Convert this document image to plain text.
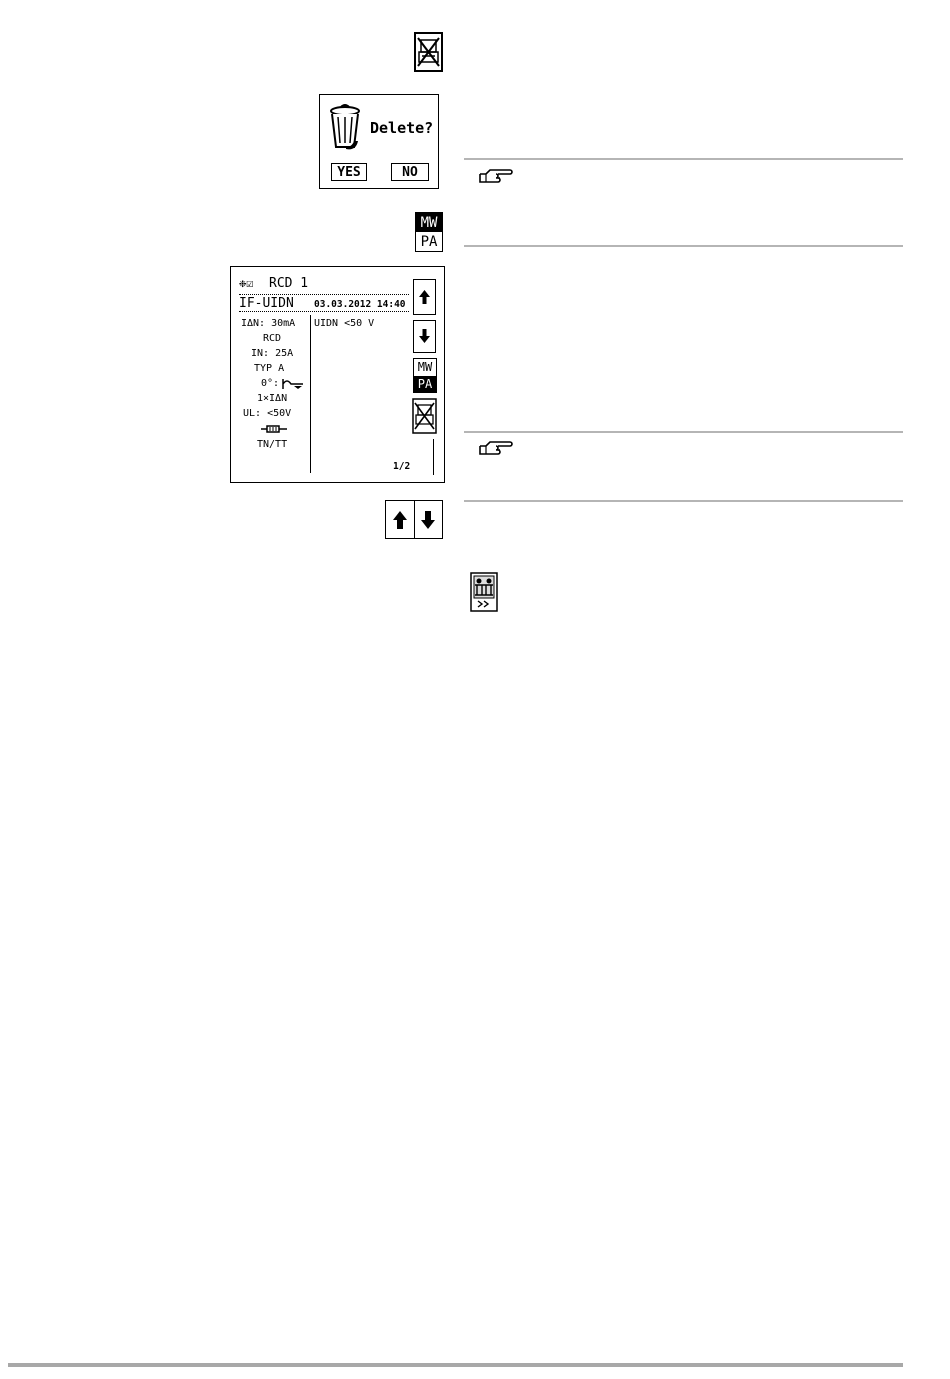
Delete?
YES	NO
MW
PA
❉☑ RCD 1
IF-UIDN 03.03.2012 14:40
IΔN: 30mA
RCD
IN: 25A
TYP A
0°:
1×IΔN
UL: <50V
TN/TT
UIDN <50 V
1/2
MW
PA
